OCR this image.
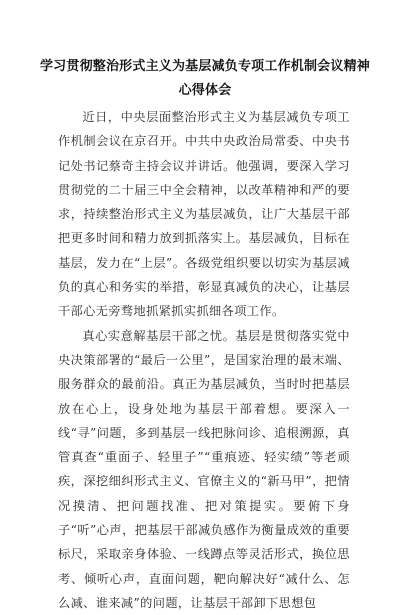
学习贯彻整治形式主义为基层减负专项工作机制会议精神
心得体会

近日，中央层面整治形式主义为基层减负专项工作机制会议在京召开。中共中央政治局常委、中央书记处书记蔡奇主持会议并讲话。他强调，要深入学习贯彻党的二十届三中全会精神，以改革精神和严的要求，持续整治形式主义为基层减负，让广大基层干部把更多时间和精力放到抓落实上。基层减负，目标在基层，发力在“上层”。各级党组织要以切实为基层减负的真心和务实的举措，彰显真减负的决心，让基层干部心无旁骛地抓紧抓实抓细各项工作。

真心实意解基层干部之忧。基层是贯彻落实党中央决策部署的“最后一公里”，是国家治理的最末端、服务群众的最前沿。真正为基层减负，当时时把基层放在心上，设身处地为基层干部着想。要深入一线“寻”问题，多到基层一线把脉问诊、追根溯源，真管真查“重面子、轻里子”“重痕迹、轻实绩”等老顽疾，深挖细纠形式主义、官僚主义的“新马甲”，把情况摸清、把问题找准、把对策提实。要俯下身子“听”心声，把基层干部减负感作为衡量成效的重要标尺，采取亲身体验、一线蹲点等灵活形式，换位思考、倾听心声，直面问题，靶向解决好“减什么、怎么减、谁来减”的问题，让基层干部卸下思想包
